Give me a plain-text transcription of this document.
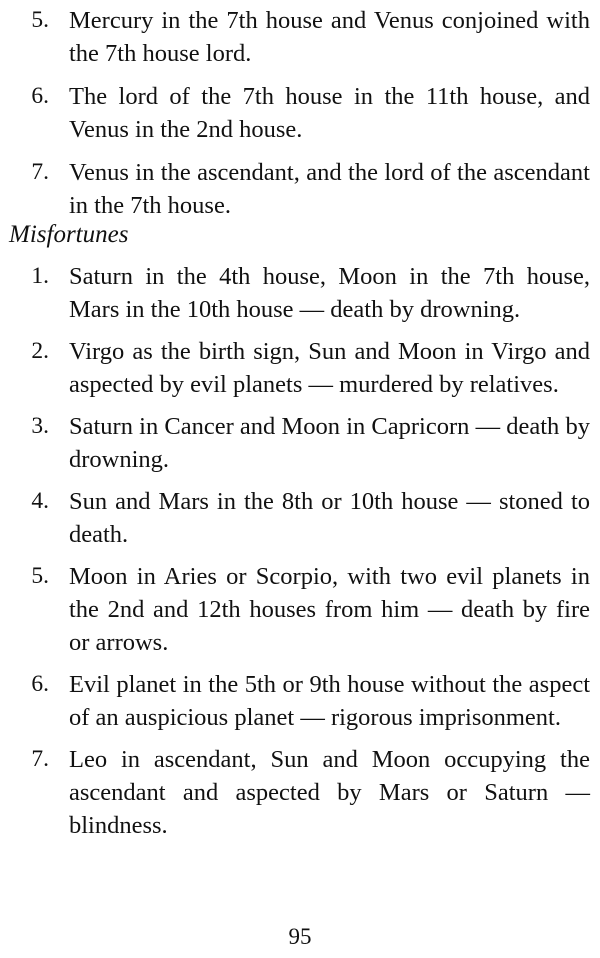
5. Mercury in the 7th house and Venus conjoined with the 7th house lord.
6. The lord of the 7th house in the 11th house, and Venus in the 2nd house.
7. Venus in the ascendant, and the lord of the ascendant in the 7th house.
Misfortunes
1. Saturn in the 4th house, Moon in the 7th house, Mars in the 10th house — death by drowning.
2. Virgo as the birth sign, Sun and Moon in Virgo and aspected by evil planets — murdered by relatives.
3. Saturn in Cancer and Moon in Capricorn — death by drowning.
4. Sun and Mars in the 8th or 10th house — stoned to death.
5. Moon in Aries or Scorpio, with two evil planets in the 2nd and 12th houses from him — death by fire or arrows.
6. Evil planet in the 5th or 9th house without the aspect of an auspicious planet — rigorous imprisonment.
7. Leo in ascendant, Sun and Moon occupying the ascendant and aspected by Mars or Saturn — blindness.
95
